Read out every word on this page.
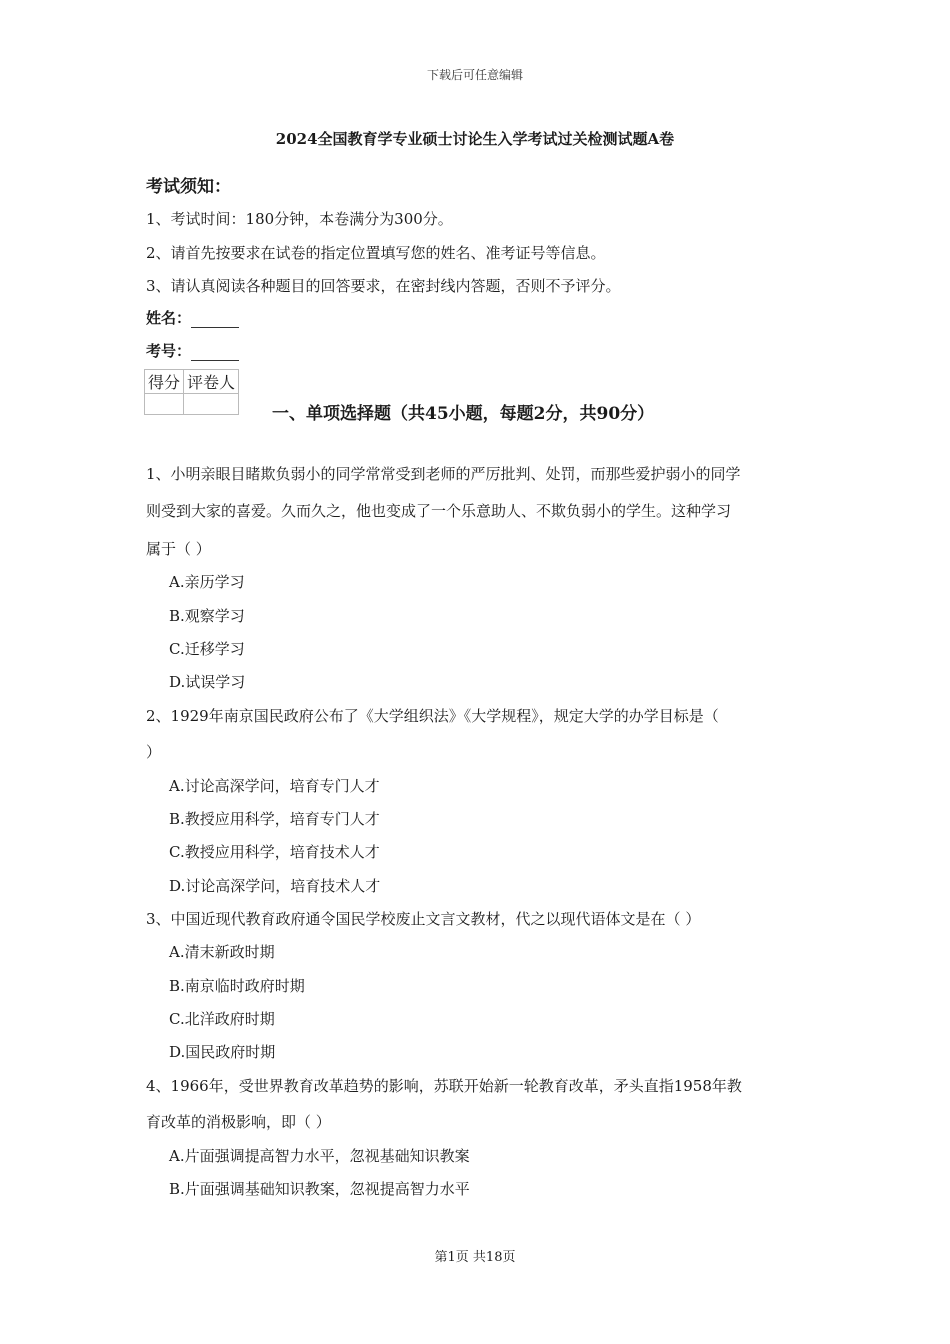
下载后可任意编辑
2024全国教育学专业硕士讨论生入学考试过关检测试题A卷
考试须知：
1、考试时间：180分钟，本卷满分为300分。
2、请首先按要求在试卷的指定位置填写您的姓名、准考证号等信息。
3、请认真阅读各种题目的回答要求，在密封线内答题，否则不予评分。
姓名：
考号：
得分	评卷人

一、单项选择题（共45小题，每题2分，共90分）
1、小明亲眼目睹欺负弱小的同学常常受到老师的严厉批判、处罚，而那些爱护弱小的同学
则受到大家的喜爱。久而久之，他也变成了一个乐意助人、不欺负弱小的学生。这种学习
属于（ ）
A.亲历学习
B.观察学习
C.迁移学习
D.试误学习
2、1929年南京国民政府公布了《大学组织法》《大学规程》，规定大学的办学目标是（
）
A.讨论高深学问，培育专门人才
B.教授应用科学，培育专门人才
C.教授应用科学，培育技术人才
D.讨论高深学问，培育技术人才
3、中国近现代教育政府通令国民学校废止文言文教材，代之以现代语体文是在（ ）
A.清末新政时期
B.南京临时政府时期
C.北洋政府时期
D.国民政府时期
4、1966年，受世界教育改革趋势的影响，苏联开始新一轮教育改革，矛头直指1958年教
育改革的消极影响，即（ ）
A.片面强调提高智力水平，忽视基础知识教案
B.片面强调基础知识教案，忽视提高智力水平
第1页 共18页
